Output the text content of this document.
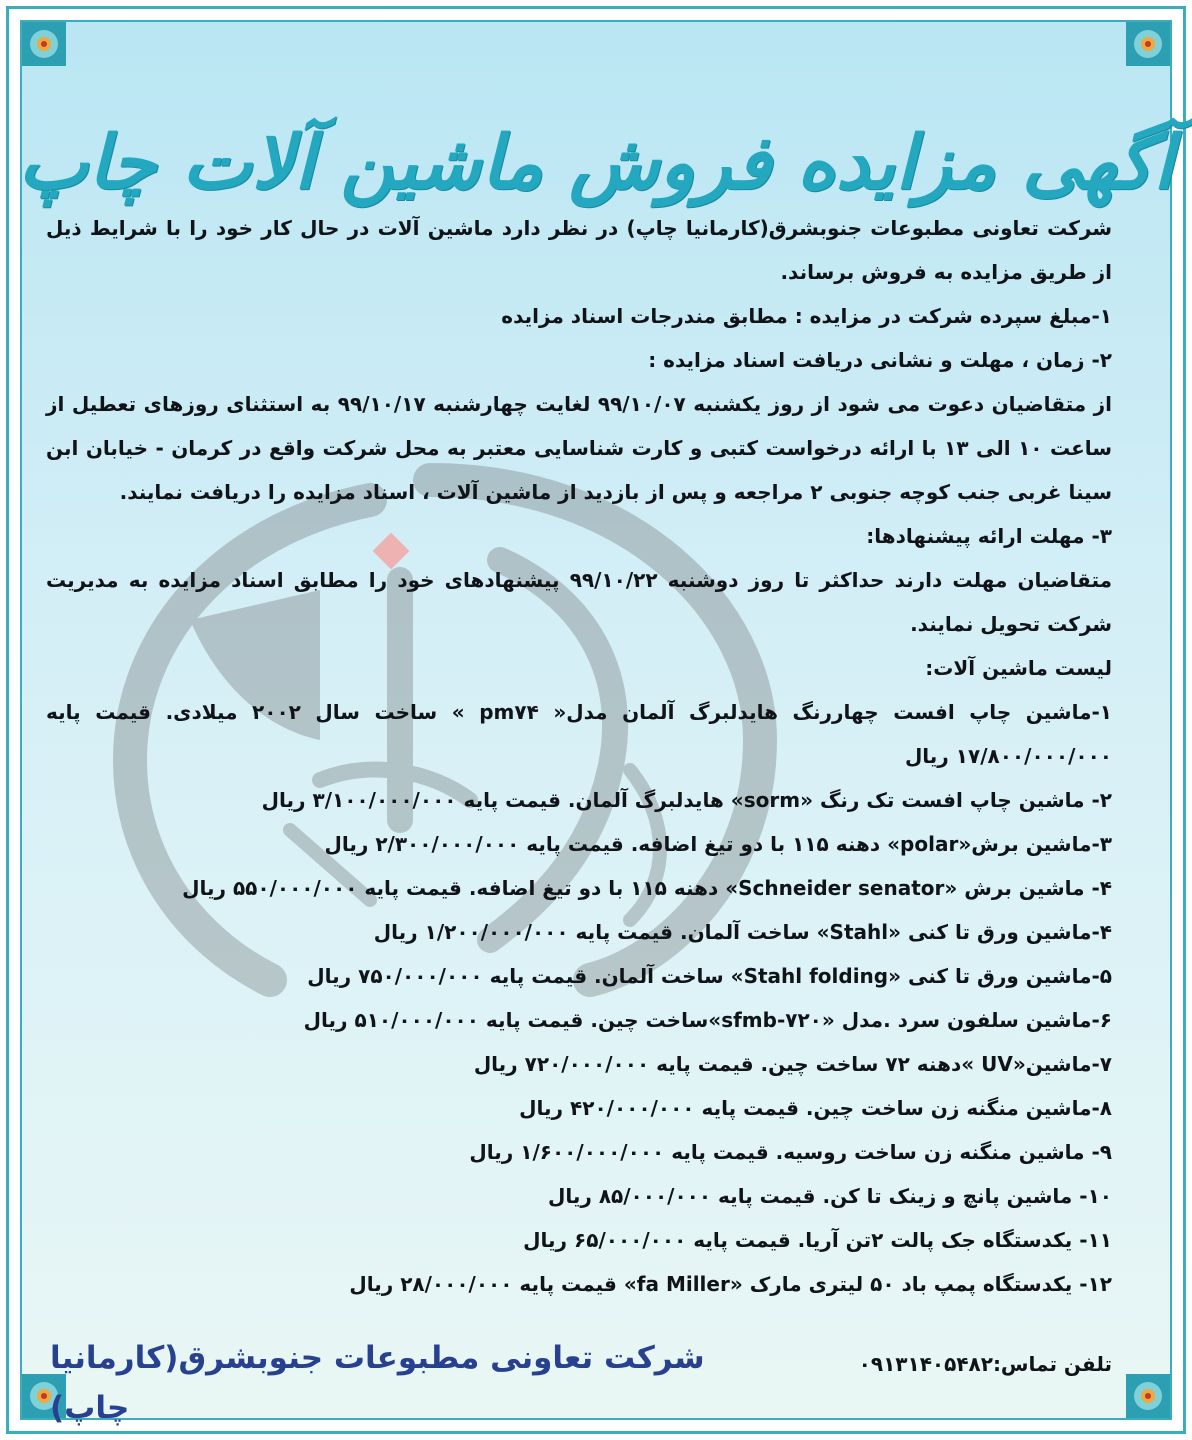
آگهی مزایده فروش ماشین آلات چاپ

شرکت تعاونی مطبوعات جنوبشرق(کارمانیا چاپ) در نظر دارد ماشین آلات در حال کار خود را با شرایط ذیل از طریق مزایده به فروش برساند.

۱-مبلغ سپرده شرکت در مزایده : مطابق مندرجات اسناد مزایده

۲- زمان ، مهلت و نشانی دریافت اسناد مزایده :

از متقاضیان دعوت می شود از روز یکشنبه ۹۹/۱۰/۰۷ لغایت چهارشنبه ۹۹/۱۰/۱۷ به استثنای روزهای تعطیل از ساعت ۱۰ الی ۱۳ با ارائه درخواست کتبی و کارت شناسایی معتبر به محل شرکت واقع در کرمان - خیابان ابن سینا غربی جنب کوچه جنوبی ۲ مراجعه و پس از بازدید از ماشین آلات ، اسناد مزایده را دریافت نمایند.

۳- مهلت ارائه پیشنهادها:

متقاضیان مهلت دارند حداکثر تا روز دوشنبه ۹۹/۱۰/۲۲ پیشنهادهای خود را مطابق اسناد مزایده به مدیریت شرکت تحویل نمایند.

لیست ماشین آلات:

۱-ماشین چاپ افست چهاررنگ هایدلبرگ آلمان مدل« pm۷۴ » ساخت سال ۲۰۰۲ میلادی. قیمت پایه ۱۷/۸۰۰/۰۰۰/۰۰۰ ریال

۲- ماشین چاپ افست تک رنگ «sorm» هایدلبرگ آلمان. قیمت پایه ۳/۱۰۰/۰۰۰/۰۰۰ ریال

۳-ماشین برش«polar» دهنه ۱۱۵ با دو تیغ اضافه. قیمت پایه ۲/۳۰۰/۰۰۰/۰۰۰ ریال

۴- ماشین برش «Schneider senator» دهنه ۱۱۵ با دو تیغ اضافه. قیمت پایه ۵۵۰/۰۰۰/۰۰۰ ریال

۴-ماشین ورق تا کنی «Stahl» ساخت آلمان. قیمت پایه ۱/۲۰۰/۰۰۰/۰۰۰ ریال

۵-ماشین ورق تا کنی «Stahl folding» ساخت آلمان. قیمت پایه ۷۵۰/۰۰۰/۰۰۰ ریال

۶-ماشین سلفون سرد .مدل «۷۲۰-sfmb»ساخت چین. قیمت پایه ۵۱۰/۰۰۰/۰۰۰ ریال

۷-ماشین«UV »دهنه ۷۲ ساخت چین. قیمت پایه ۷۲۰/۰۰۰/۰۰۰ ریال

۸-ماشین منگنه زن ساخت چین. قیمت پایه ۴۲۰/۰۰۰/۰۰۰ ریال

۹- ماشین منگنه زن ساخت روسیه. قیمت پایه ۱/۶۰۰/۰۰۰/۰۰۰ ریال

۱۰- ماشین پانچ و زینک تا کن. قیمت پایه ۸۵/۰۰۰/۰۰۰ ریال

۱۱- یکدستگاه جک پالت ۲تن آریا. قیمت پایه ۶۵/۰۰۰/۰۰۰ ریال

۱۲- یکدستگاه پمپ باد ۵۰ لیتری مارک «fa Miller» قیمت پایه ۲۸/۰۰۰/۰۰۰ ریال

تلفن تماس:۰۹۱۳۱۴۰۵۴۸۲
شرکت تعاونی مطبوعات جنوبشرق(کارمانیا چاپ)
